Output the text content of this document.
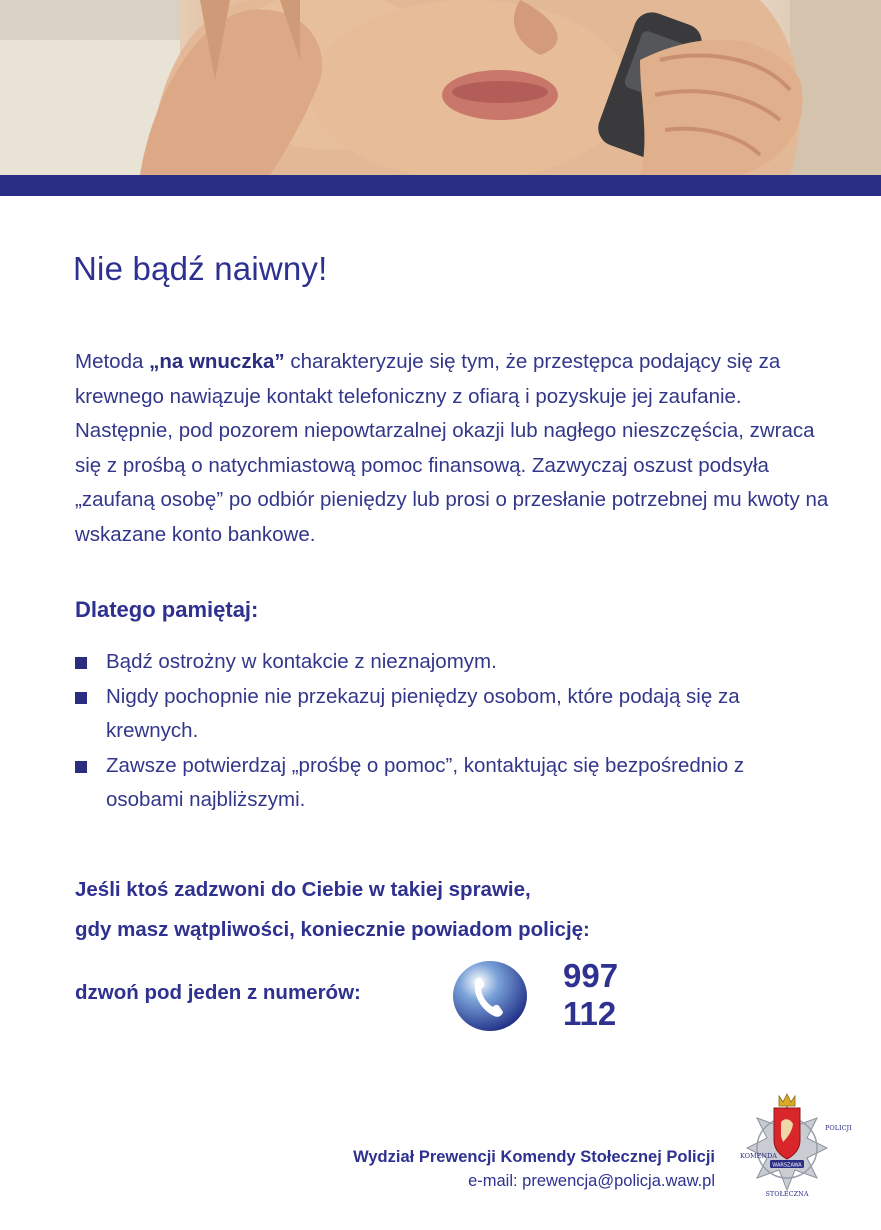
Nie bądź naiwny!

Metoda „na wnuczka” charakteryzuje się tym, że przestępca podający się za krewnego nawiązuje kontakt telefoniczny z ofiarą i pozyskuje jej zaufanie. Następnie, pod pozorem niepowtarzalnej okazji lub nagłego nieszczęścia, zwraca się z prośbą o natychmiastową pomoc finansową. Zazwyczaj oszust podsyła „zaufaną osobę” po odbiór pieniędzy lub prosi o przesłanie potrzebnej mu kwoty na wskazane konto bankowe.

Dlatego pamiętaj:
Bądź ostrożny w kontakcie z nieznajomym.
Nigdy pochopnie nie przekazuj pieniędzy osobom, które podają się za krewnych.
Zawsze potwierdzaj „prośbę o pomoc”, kontaktując się bezpośrednio z osobami najbliższymi.
Jeśli ktoś zadzwoni do Ciebie w takiej sprawie,
gdy masz wątpliwości, koniecznie powiadom policję:

dzwoń pod jeden z numerów:	997
112
Wydział Prewencji Komendy Stołecznej Policji
e-mail: prewencja@policja.waw.pl
WARSZAWA
KOMENDA
STOŁECZNA
POLICJI
